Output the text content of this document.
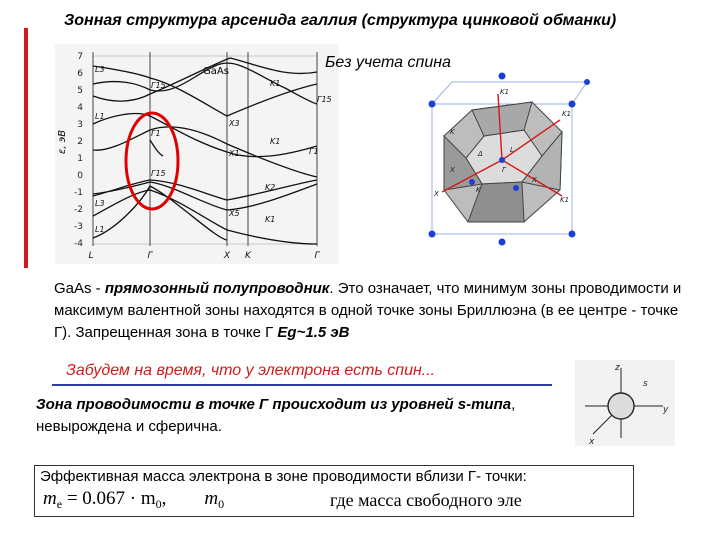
Зонная структура арсенида галлия (структура цинковой обманки)
7
6
5
4
3
2
1
0
-1
-2
-3
-4
ε, эВ
GaAs
L3
Γ15	K1
L1
Γ1
X3
X1
K1
Γ15
Γ1
L3
Γ15
L1
X5
K2
K1
L	Γ	X K	Γ
Без учета спина
K1
K
Δ
X
L
Γ
K
X
K1
K1
X
GaAs - прямозонный полупроводник. Это означает, что минимум зоны проводимости и максимум валентной зоны находятся в одной точке зоны Бриллюэна (в ее центре - точке Г). Запрещенная зона в точке Г Eg~1.5 эВ
Забудем на время, что у электрона есть спин...
Зона проводимости в точке Г происходит из уровней s-типа, невырождена и сферична.
z
s
x
y
Эффективная масса электрона в зоне проводимости вблизи Г- точки:
$m_e = 0.067 \cdot m_0$, $m_0$	где масса свободного эле
